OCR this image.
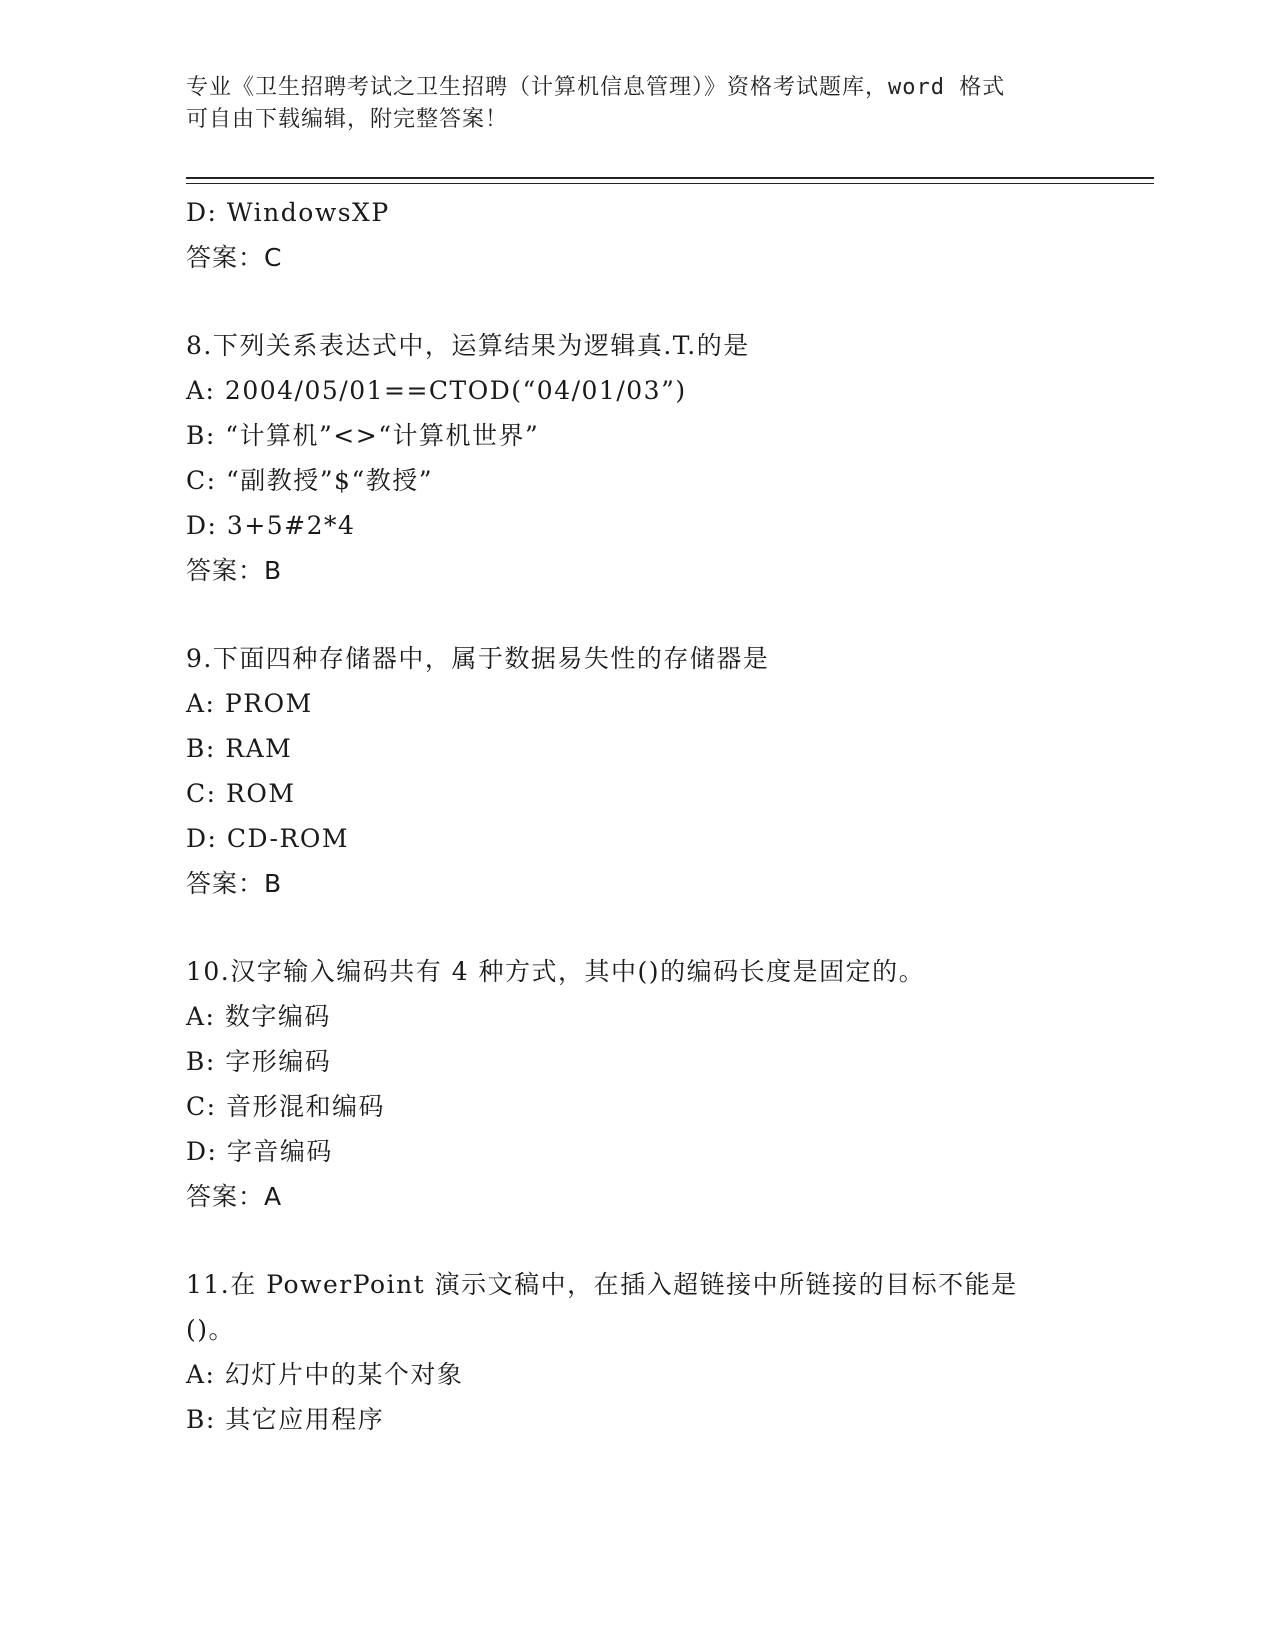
专业《卫生招聘考试之卫生招聘（计算机信息管理）》资格考试题库，word 格式
可自由下载编辑，附完整答案！
D: WindowsXP
答案：C
8.下列关系表达式中，运算结果为逻辑真.T.的是
A: 2004/05/01==CTOD(“04/01/03”)
B: “计算机”<>“计算机世界”
C: “副教授”$“教授”
D: 3+5#2*4
答案：B
9.下面四种存储器中，属于数据易失性的存储器是
A: PROM
B: RAM
C: ROM
D: CD-ROM
答案：B
10.汉字输入编码共有 4 种方式，其中()的编码长度是固定的。
A: 数字编码
B: 字形编码
C: 音形混和编码
D: 字音编码
答案：A
11.在 PowerPoint 演示文稿中，在插入超链接中所链接的目标不能是
()。
A: 幻灯片中的某个对象
B: 其它应用程序
